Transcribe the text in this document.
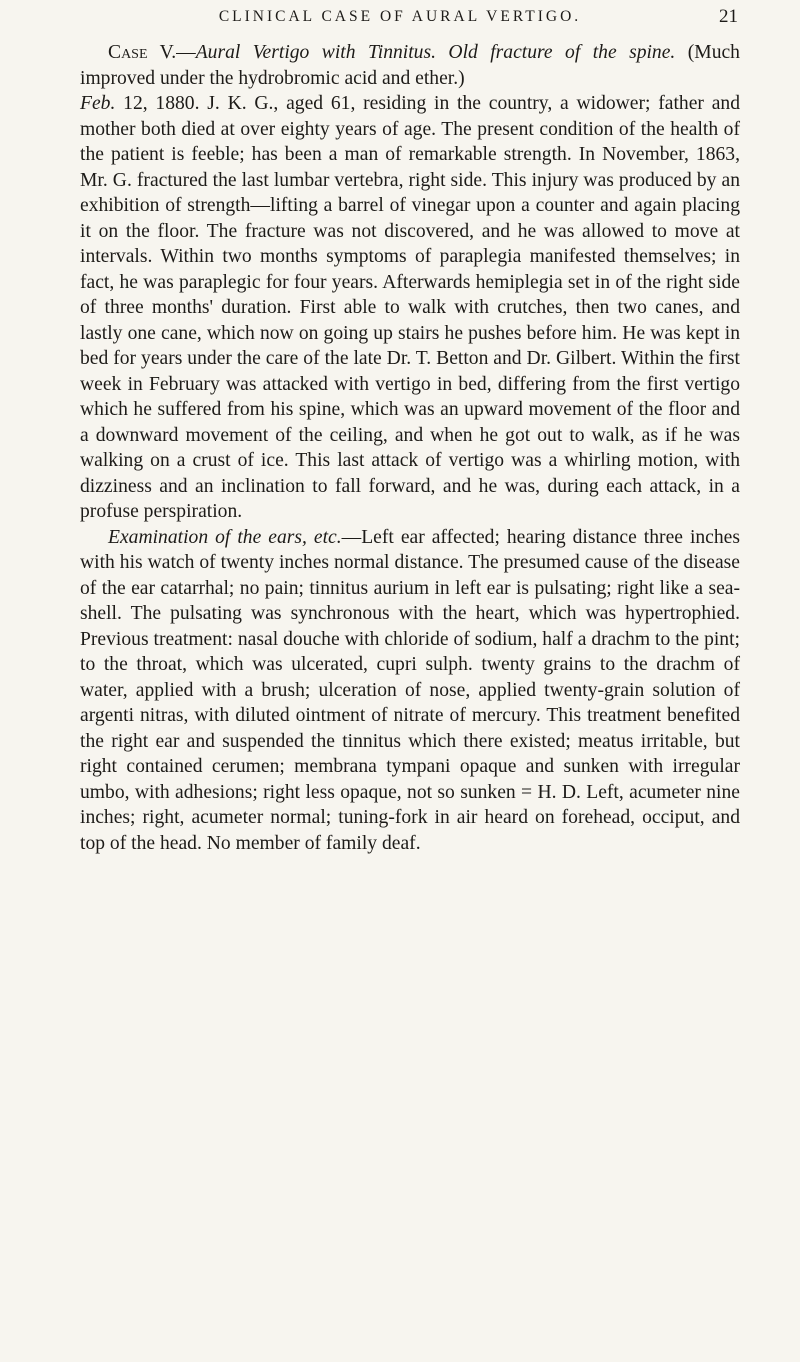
CLINICAL CASE OF AURAL VERTIGO.	21

Case V.—Aural Vertigo with Tinnitus. Old fracture of the spine. (Much improved under the hydrobromic acid and ether.)
Feb. 12, 1880. J. K. G., aged 61, residing in the country, a widower; father and mother both died at over eighty years of age. The present condition of the health of the patient is feeble; has been a man of remarkable strength. In November, 1863, Mr. G. fractured the last lumbar vertebra, right side. This injury was produced by an exhibition of strength—lifting a barrel of vinegar upon a counter and again placing it on the floor. The fracture was not discovered, and he was allowed to move at intervals. Within two months symptoms of paraplegia manifested themselves; in fact, he was paraplegic for four years. Afterwards hemiplegia set in of the right side of three months' duration. First able to walk with crutches, then two canes, and lastly one cane, which now on going up stairs he pushes before him. He was kept in bed for years under the care of the late Dr. T. Betton and Dr. Gilbert. Within the first week in February was attacked with vertigo in bed, differing from the first vertigo which he suffered from his spine, which was an upward movement of the floor and a downward movement of the ceiling, and when he got out to walk, as if he was walking on a crust of ice. This last attack of vertigo was a whirling motion, with dizziness and an inclination to fall forward, and he was, during each attack, in a profuse perspiration.

Examination of the ears, etc.—Left ear affected; hearing distance three inches with his watch of twenty inches normal distance. The presumed cause of the disease of the ear catarrhal; no pain; tinnitus aurium in left ear is pulsating; right like a sea-shell. The pulsating was synchronous with the heart, which was hypertrophied. Previous treatment: nasal douche with chloride of sodium, half a drachm to the pint; to the throat, which was ulcerated, cupri sulph. twenty grains to the drachm of water, applied with a brush; ulceration of nose, applied twenty-grain solution of argenti nitras, with diluted ointment of nitrate of mercury. This treatment benefited the right ear and suspended the tinnitus which there existed; meatus irritable, but right contained cerumen; membrana tympani opaque and sunken with irregular umbo, with adhesions; right less opaque, not so sunken = H. D. Left, acumeter nine inches; right, acumeter normal; tuning-fork in air heard on forehead, occiput, and top of the head. No member of family deaf.
